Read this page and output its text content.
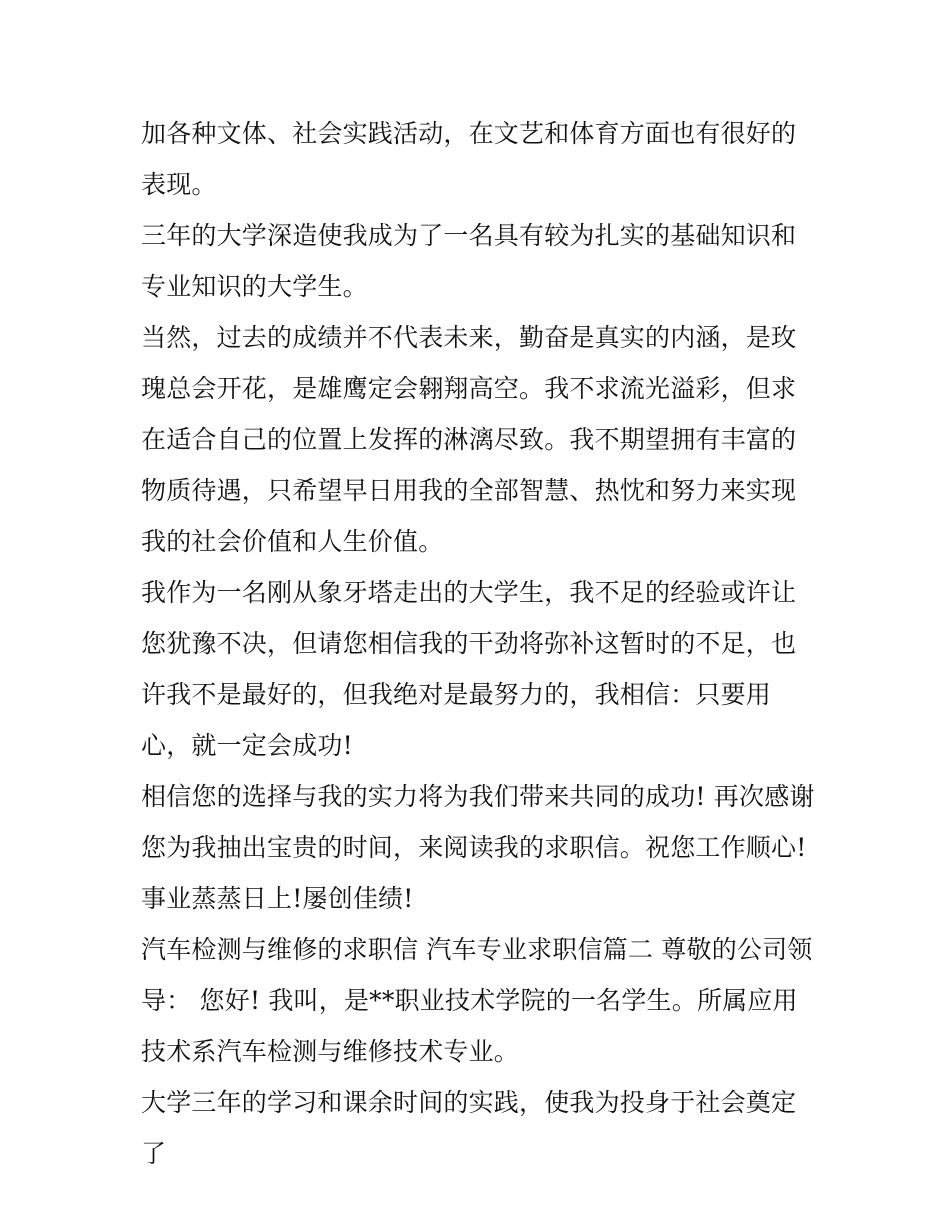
加各种文体、社会实践活动，在文艺和体育方面也有很好的表现。

三年的大学深造使我成为了一名具有较为扎实的基础知识和专业知识的大学生。

当然，过去的成绩并不代表未来，勤奋是真实的内涵，是玫瑰总会开花，是雄鹰定会翱翔高空。我不求流光溢彩，但求在适合自己的位置上发挥的淋漓尽致。我不期望拥有丰富的物质待遇，只希望早日用我的全部智慧、热忱和努力来实现我的社会价值和人生价值。

我作为一名刚从象牙塔走出的大学生，我不足的经验或许让您犹豫不决，但请您相信我的干劲将弥补这暂时的不足，也许我不是最好的，但我绝对是最努力的，我相信：只要用心，就一定会成功!

相信您的选择与我的实力将为我们带来共同的成功! 再次感谢您为我抽出宝贵的时间，来阅读我的求职信。祝您工作顺心!事业蒸蒸日上!屡创佳绩!

汽车检测与维修的求职信 汽车专业求职信篇二 尊敬的公司领导： 您好! 我叫，是**职业技术学院的一名学生。所属应用技术系汽车检测与维修技术专业。

大学三年的学习和课余时间的实践，使我为投身于社会奠定了
